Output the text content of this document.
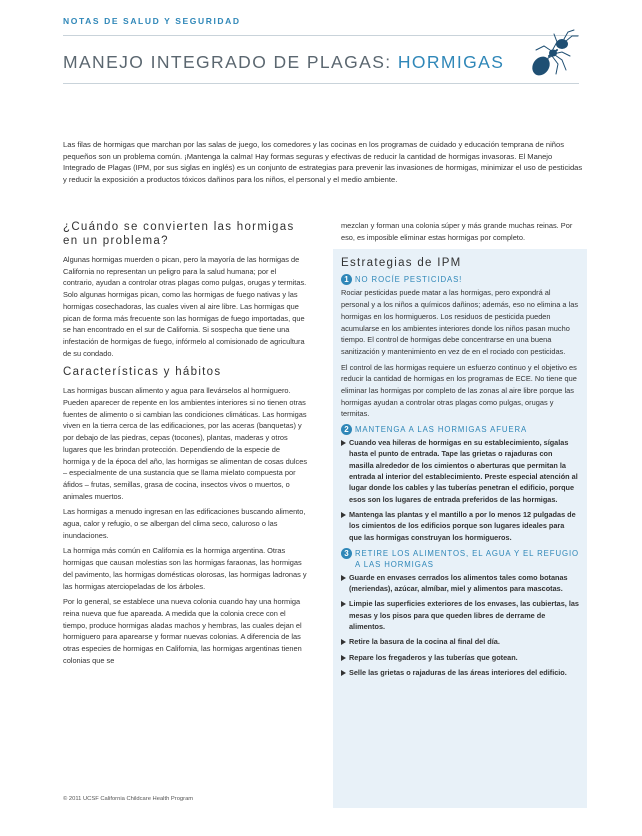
NOTAS DE SALUD Y SEGURIDAD
MANEJO INTEGRADO DE PLAGAS: HORMIGAS
Las filas de hormigas que marchan por las salas de juego, los comedores y las cocinas en los programas de cuidado y educación temprana de niños pequeños son un problema común. ¡Mantenga la calma! Hay formas seguras y efectivas de reducir la cantidad de hormigas invasoras. El Manejo Integrado de Plagas (IPM, por sus siglas en inglés) es un conjunto de estrategias para prevenir las invasiones de hormigas, minimizar el uso de pesticidas y reducir la exposición a productos tóxicos dañinos para los niños, el personal y el medio ambiente.
¿Cuándo se convierten las hormigas en un problema?

Algunas hormigas muerden o pican, pero la mayoría de las hormigas de California no representan un peligro para la salud humana; por el contrario, ayudan a controlar otras plagas como pulgas, orugas y termitas. Solo algunas hormigas pican, como las hormigas de fuego nativas y las hormigas cosechadoras, las cuales viven al aire libre. Las hormigas que pican de forma más frecuente son las hormigas de fuego importadas, que se han encontrado en el sur de California. Si sospecha que tiene una infestación de hormigas de fuego, infórmelo al comisionado de agricultura de su condado.

Características y hábitos

Las hormigas buscan alimento y agua para llevárselos al hormiguero. Pueden aparecer de repente en los ambientes interiores si no tienen otras fuentes de alimento o si cambian las condiciones climáticas. Las hormigas viven en la tierra cerca de las edificaciones, por las aceras (banquetas) y por debajo de las piedras, cepas (tocones), plantas, maderas y otros lugares que les brindan protección. Dependiendo de la especie de hormiga y de la época del año, las hormigas se alimentan de cosas dulces – especialmente de una sustancia que se llama mielato compuesta por áfidos – frutas, semillas, grasa de cocina, insectos vivos o muertos, o animales muertos.

Las hormigas a menudo ingresan en las edificaciones buscando alimento, agua, calor y refugio, o se albergan del clima seco, caluroso o las inundaciones.

La hormiga más común en California es la hormiga argentina. Otras hormigas que causan molestias son las hormigas faraonas, las hormigas del pavimento, las hormigas domésticas olorosas, las hormigas ladronas y las hormigas aterciopeladas de los árboles.

Por lo general, se establece una nueva colonia cuando hay una hormiga reina nueva que fue apareada. A medida que la colonia crece con el tiempo, produce hormigas aladas machos y hembras, las cuales dejan el hormiguero para aparearse y formar nuevas colonias. A diferencia de las otras especies de hormigas en California, las hormigas argentinas tienen colonias que se

mezclan y forman una colonia súper y más grande muchas reinas. Por eso, es imposible eliminar estas hormigas por completo.

Estrategias de IPM
1 NO ROCÍE PESTICIDAS!

Rociar pesticidas puede matar a las hormigas, pero expondrá al personal y a los niños a químicos dañinos; además, eso no elimina a las hormigas en los hormigueros. Los residuos de pesticida pueden acumularse en los ambientes interiores donde los niños pasan mucho tiempo. El control de hormigas debe concentrarse en una buena sanitización y mantenimiento en vez de en el rociado con pesticidas.

El control de las hormigas requiere un esfuerzo continuo y el objetivo es reducir la cantidad de hormigas en los programas de ECE. No tiene que eliminar las hormigas por completo de las zonas al aire libre porque las hormigas ayudan a controlar otras plagas como pulgas, orugas y termitas.

2 MANTENGA A LAS HORMIGAS AFUERA
Cuando vea hileras de hormigas en su establecimiento, sígalas hasta el punto de entrada. Tape las grietas o rajaduras con masilla alrededor de los cimientos o aberturas que permitan la entrada al interior del establecimiento. Preste especial atención al lugar donde los cables y las tuberías penetran el edificio, porque esos son los lugares de entrada preferidos de las hormigas.
Mantenga las plantas y el mantillo a por lo menos 12 pulgadas de los cimientos de los edificios porque son lugares ideales para que las hormigas construyan los hormigueros.
3 RETIRE LOS ALIMENTOS, EL AGUA Y EL REFUGIO A LAS HORMIGAS
Guarde en envases cerrados los alimentos tales como botanas (meriendas), azúcar, almíbar, miel y alimentos para mascotas.
Limpie las superficies exteriores de los envases, las cubiertas, las mesas y los pisos para que queden libres de derrame de alimentos.
Retire la basura de la cocina al final del día.
Repare los fregaderos y las tuberías que gotean.
Selle las grietas o rajaduras de las áreas interiores del edificio.
© 2011 UCSF California Childcare Health Program
